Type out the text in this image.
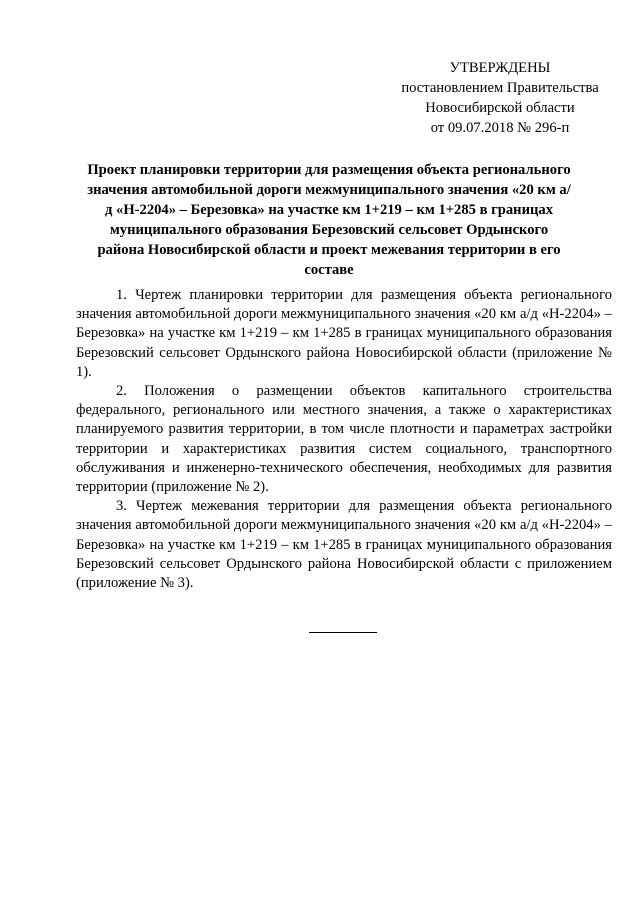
УТВЕРЖДЕНЫ
постановлением Правительства
Новосибирской области
от 09.07.2018 № 296-п
Проект планировки территории для размещения объекта регионального значения автомобильной дороги межмуниципального значения «20 км а/д «Н-2204» – Березовка» на участке км 1+219 – км 1+285 в границах муниципального образования Березовский сельсовет Ордынского района Новосибирской области и проект межевания территории в его составе

1. Чертеж планировки территории для размещения объекта регионального значения автомобильной дороги межмуниципального значения «20 км а/д «Н-2204» – Березовка» на участке км 1+219 – км 1+285 в границах муниципального образования Березовский сельсовет Ордынского района Новосибирской области (приложение № 1).

2. Положения о размещении объектов капитального строительства федерального, регионального или местного значения, а также о характеристиках планируемого развития территории, в том числе плотности и параметрах застройки территории и характеристиках развития систем социального, транспортного обслуживания и инженерно-технического обеспечения, необходимых для развития территории (приложение № 2).

3. Чертеж межевания территории для размещения объекта регионального значения автомобильной дороги межмуниципального значения «20 км а/д «Н-2204» – Березовка» на участке км 1+219 – км 1+285 в границах муниципального образования Березовский сельсовет Ордынского района Новосибирской области с приложением (приложение № 3).
